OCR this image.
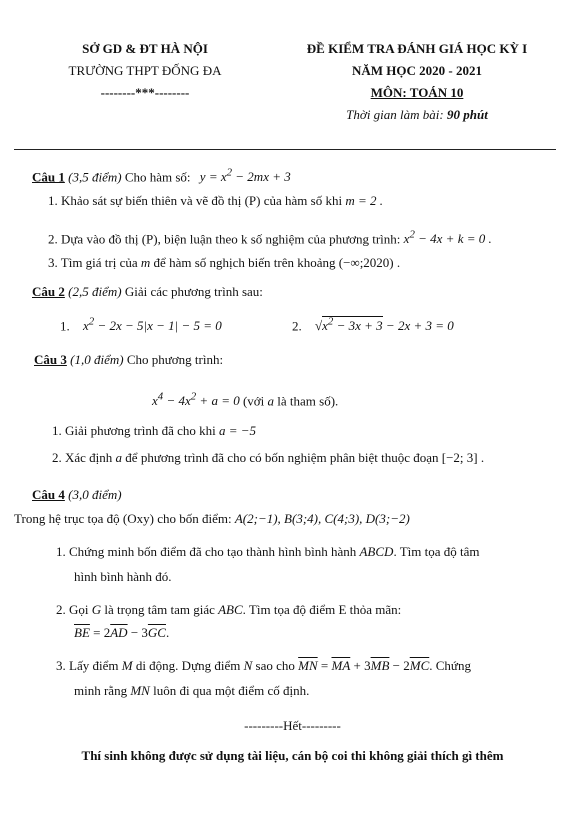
SỞ GD & ĐT HÀ NỘI
TRƯỜNG THPT ĐỐNG ĐA
--------***--------
ĐỀ KIỂM TRA ĐÁNH GIÁ HỌC KỲ I
NĂM HỌC 2020 - 2021
MÔN: TOÁN 10
Thời gian làm bài: 90 phút
Câu 1 (3,5 điểm) Cho hàm số: $y = x^2 - 2mx + 3$
1. Khảo sát sự biến thiên và vẽ đồ thị (P) của hàm số khi m = 2 .
2. Dựa vào đồ thị (P), biện luận theo k số nghiệm của phương trình: $x^2 - 4x + k = 0$ .
3. Tìm giá trị của m để hàm số nghịch biến trên khoảng (−∞;2020) .
Câu 2 (2,5 điểm) Giải các phương trình sau:
1. $x^2 - 2x - 5|x - 1| - 5 = 0$	2. $√x^2 - 3x + 3 - 2x + 3 = 0$
Câu 3 (1,0 điểm) Cho phương trình:
$x^4 - 4x^2 + a = 0$ (với a là tham số).
1. Giải phương trình đã cho khi a = −5
2. Xác định a để phương trình đã cho có bốn nghiệm phân biệt thuộc đoạn [−2; 3] .
Câu 4 (3,0 điểm)
Trong hệ trục tọa độ (Oxy) cho bốn điểm: A(2;−1), B(3;4), C(4;3), D(3;−2)
1. Chứng minh bốn điểm đã cho tạo thành hình bình hành ABCD. Tìm tọa độ tâm
hình bình hành đó.
2. Gọi G là trọng tâm tam giác ABC. Tìm tọa độ điểm E thỏa mãn:
$\overline{BE} = 2\overline{AD} - 3\overline{GC}$.
3. Lấy điểm M di động. Dựng điểm N sao cho $\overline{MN} = \overline{MA} + 3\overline{MB} - 2\overline{MC}$. Chứng
minh rằng MN luôn đi qua một điểm cố định.
---------Hết---------
Thí sinh không được sử dụng tài liệu, cán bộ coi thi không giải thích gì thêm
